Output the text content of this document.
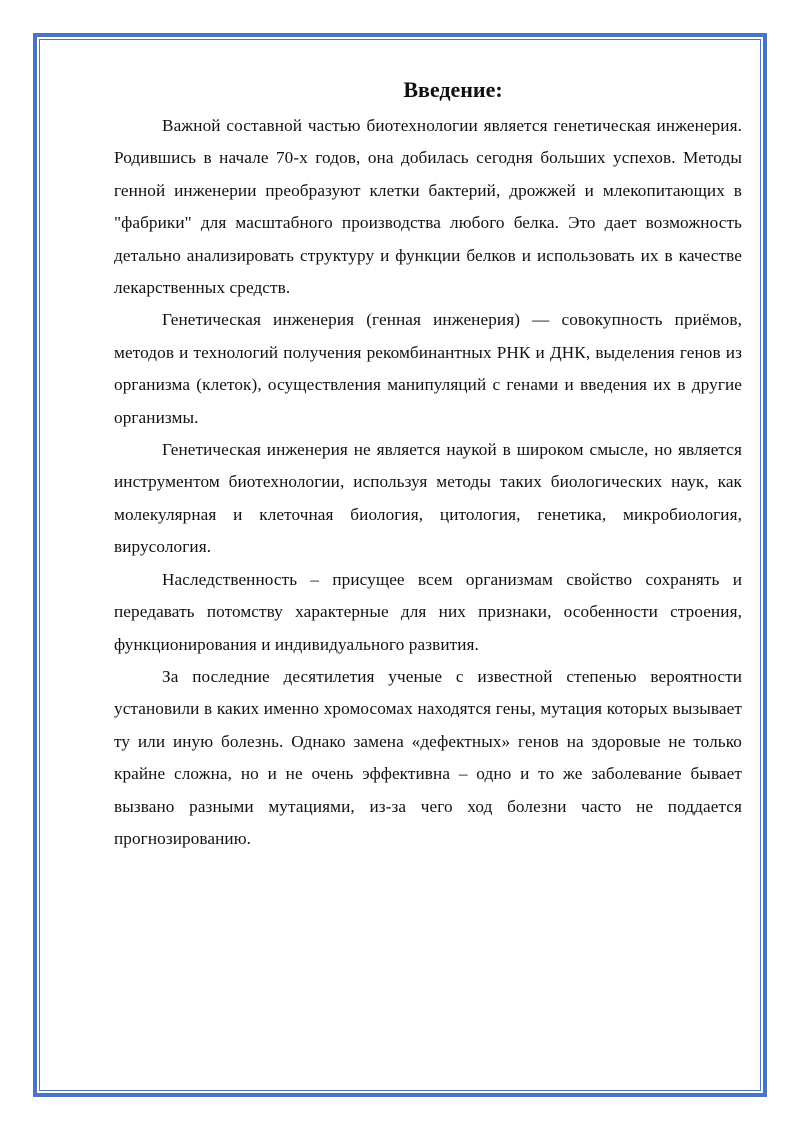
Введение:

Важной составной частью биотехнологии является генетическая инженерия. Родившись в начале 70-х годов, она добилась сегодня больших успехов. Методы генной инженерии преобразуют клетки бактерий, дрожжей и млекопитающих в "фабрики" для масштабного производства любого белка. Это дает возможность детально анализировать структуру и функции белков и использовать их в качестве лекарственных средств.

Генетическая инженерия (генная инженерия) — совокупность приёмов, методов и технологий получения рекомбинантных РНК и ДНК, выделения генов из организма (клеток), осуществления манипуляций с генами и введения их в другие организмы.

Генетическая инженерия не является наукой в широком смысле, но является инструментом биотехнологии, используя методы таких биологических наук, как молекулярная и клеточная биология, цитология, генетика, микробиология, вирусология.

Наследственность – присущее всем организмам свойство сохранять и передавать потомству характерные для них признаки, особенности строения, функционирования и индивидуального развития.

За последние десятилетия ученые с известной степенью вероятности установили в каких именно хромосомах находятся гены, мутация которых вызывает ту или иную болезнь. Однако замена «дефектных» генов на здоровые не только крайне сложна, но и не очень эффективна – одно и то же заболевание бывает вызвано разными мутациями, из-за чего ход болезни часто не поддается прогнозированию.
